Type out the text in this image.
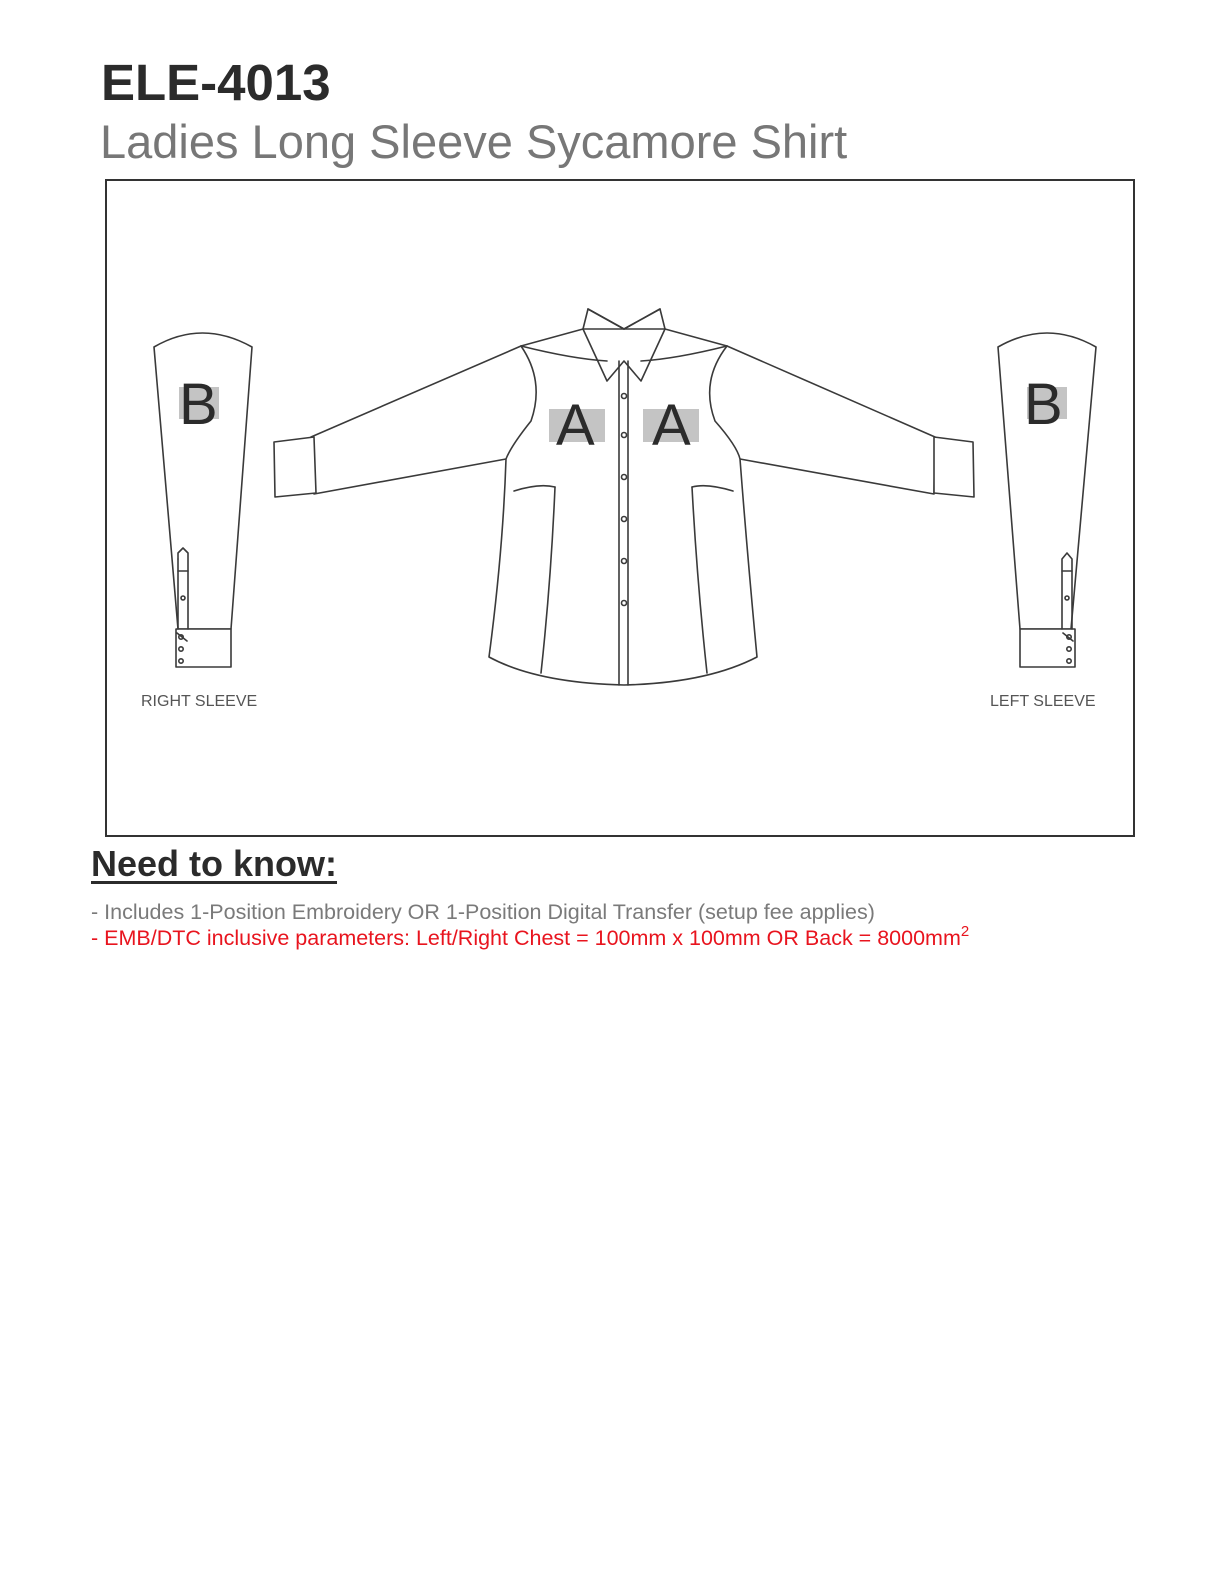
ELE-4013
Ladies Long Sleeve Sycamore Shirt
B	A A	B
RIGHT SLEEVE	LEFT SLEEVE
Need to know:
- Includes 1-Position Embroidery OR 1-Position Digital Transfer (setup fee applies)
- EMB/DTC inclusive parameters: Left/Right Chest = 100mm x 100mm OR Back = $8000mm^2$
